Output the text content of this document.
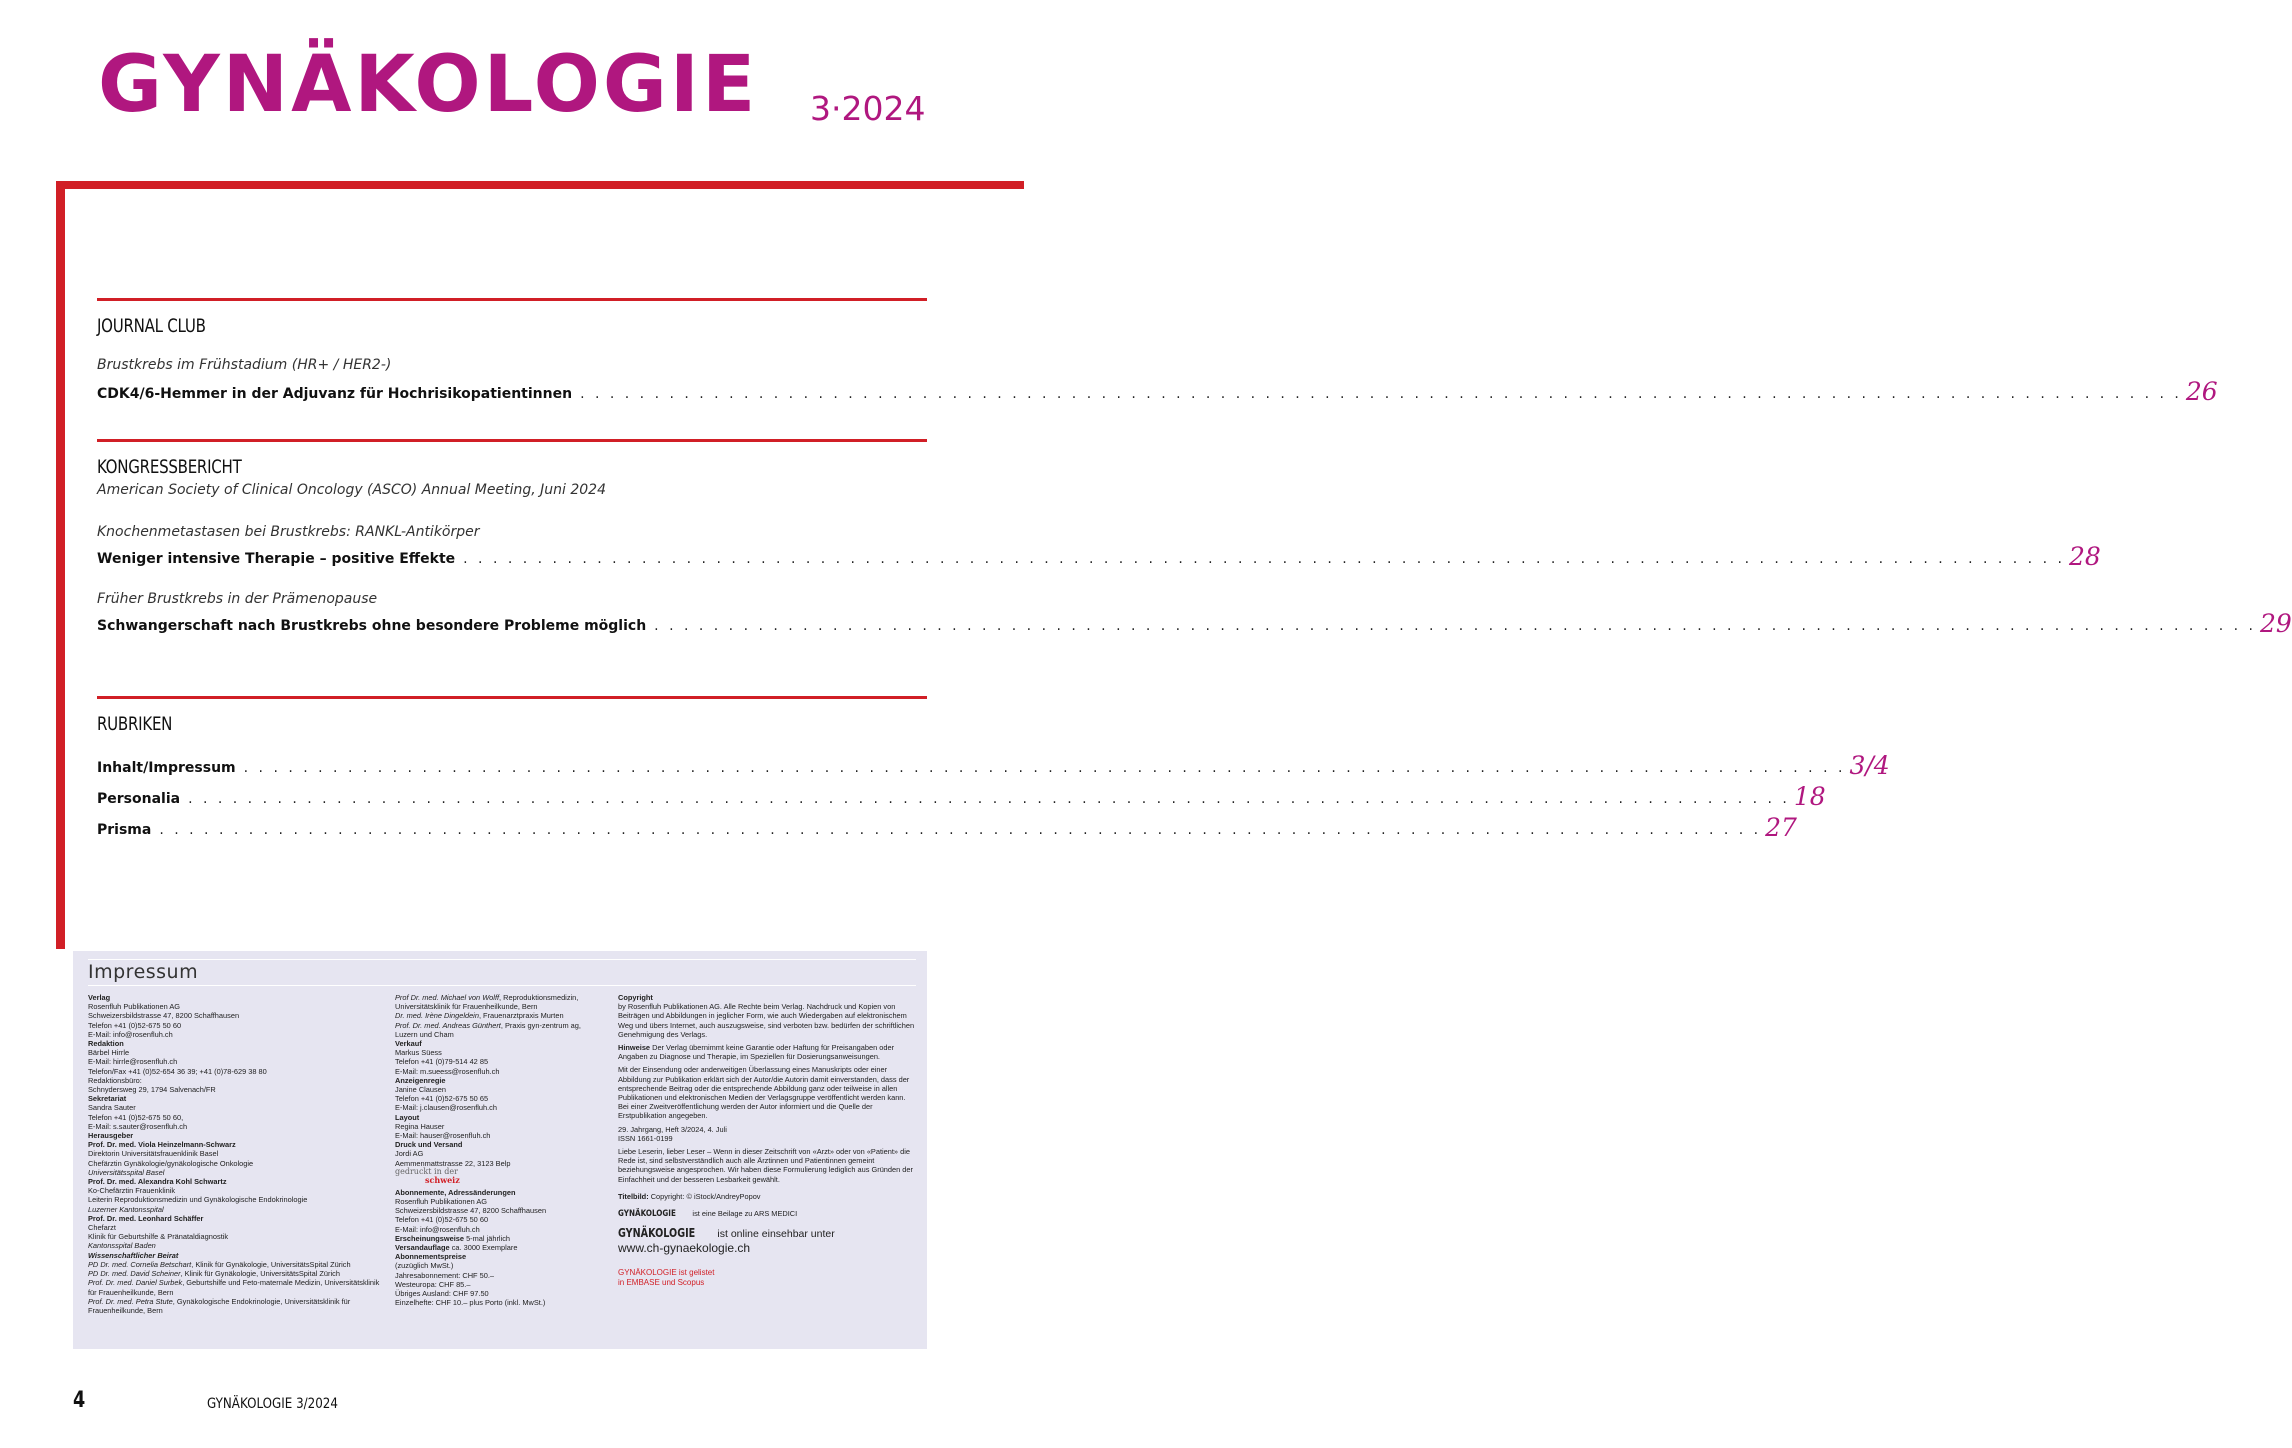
GYNÄKOLOGIE 3·2024
JOURNAL CLUB
Brustkrebs im Frühstadium (HR+ / HER2-)
CDK4/6-Hemmer in der Adjuvanz für Hochrisikopatientinnen . . . . . . . . . . . . . . . . . . . . . . . . . . . . . . . . . . . . . . . . . . . . . . . . . . . . . . . . . . . . . . . . . . . . . . . . . . . . . . . . . . . . . . . . . . . . . . . . . . . . . . . . . . . . 26
KONGRESSBERICHT
American Society of Clinical Oncology (ASCO) Annual Meeting, Juni 2024
Knochenmetastasen bei Brustkrebs: RANKL-Antikörper
Weniger intensive Therapie – positive Effekte . . . . . . . . . . . . . . . . . . . . . . . . . . . . . . . . . . . . . . . . . . . . . . . . . . . . . . . . . . . . . . . . . . . . . . . . . . . . . . . . . . . . . . . . . . . . . . . . . . . . . . . . . . . . 28
Früher Brustkrebs in der Prämenopause
Schwangerschaft nach Brustkrebs ohne besondere Probleme möglich . . . . . . . . . . . . . . . . . . . . . . . . . . . . . . . . . . . . . . . . . . . . . . . . . . . . . . . . . . . . . . . . . . . . . . . . . . . . . . . . . . . . . . . . . . . . . . . . . . . . . . . . . . . . 29
RUBRIKEN
Inhalt/Impressum . . . . . . . . . . . . . . . . . . . . . . . . . . . . . . . . . . . . . . . . . . . . . . . . . . . . . . . . . . . . . . . . . . . . . . . . . . . . . . . . . . . . . . . . . . . . . . . . . . . . . . . . . . . . 3/4
Personalia . . . . . . . . . . . . . . . . . . . . . . . . . . . . . . . . . . . . . . . . . . . . . . . . . . . . . . . . . . . . . . . . . . . . . . . . . . . . . . . . . . . . . . . . . . . . . . . . . . . . . . . . . . . . 18
Prisma . . . . . . . . . . . . . . . . . . . . . . . . . . . . . . . . . . . . . . . . . . . . . . . . . . . . . . . . . . . . . . . . . . . . . . . . . . . . . . . . . . . . . . . . . . . . . . . . . . . . . . . . . . . . 27
Impressum
Verlag
Rosenfluh Publikationen AG
Schweizersbildstrasse 47, 8200 Schaffhausen
Telefon +41 (0)52-675 50 60
E-Mail: info@rosenfluh.ch
Redaktion
Bärbel Hirrle
E-Mail: hirrle@rosenfluh.ch
Telefon/Fax +41 (0)52-654 36 39; +41 (0)78-629 38 80
Redaktionsbüro:
Schnydersweg 29, 1794 Salvenach/FR
Sekretariat
Sandra Sauter
Telefon +41 (0)52-675 50 60,
E-Mail: s.sauter@rosenfluh.ch
Herausgeber
Prof. Dr. med. Viola Heinzelmann-Schwarz
Direktorin Universitätsfrauenklinik Basel
Chefärztin Gynäkologie/gynäkologische Onkologie
Universitätsspital Basel
Prof. Dr. med. Alexandra Kohl Schwartz
Ko-Chefärztin Frauenklinik
Leiterin Reproduktionsmedizin und Gynäkologische Endokrinologie
Luzerner Kantonsspital
Prof. Dr. med. Leonhard Schäffer
Chefarzt
Klinik für Geburtshilfe & Pränataldiagnostik
Kantonsspital Baden
Wissenschaftlicher Beirat
PD Dr. med. Cornelia Betschart, Klinik für Gynäkologie, UniversitätsSpital Zürich
PD Dr. med. David Scheiner, Klinik für Gynäkologie, UniversitätsSpital Zürich
Prof. Dr. med. Daniel Surbek, Geburtshilfe und Feto-maternale Medizin, Universitätsklinik für Frauenheilkunde, Bern
Prof. Dr. med. Petra Stute, Gynäkologische Endokrinologie, Universitätsklinik für Frauenheilkunde, Bern
Prof Dr. med. Michael von Wolff, Reproduktionsmedizin, Universitätsklinik für Frauenheilkunde, Bern
Dr. med. Irène Dingeldein, Frauenarztpraxis Murten
Prof. Dr. med. Andreas Günthert, Praxis gyn-zentrum ag, Luzern und Cham
Verkauf
Markus Süess
Telefon +41 (0)79-514 42 85
E-Mail: m.sueess@rosenfluh.ch
Anzeigenregie
Janine Clausen
Telefon +41 (0)52-675 50 65
E-Mail: j.clausen@rosenfluh.ch
Layout
Regina Hauser
E-Mail: hauser@rosenfluh.ch
Druck und Versand
Jordi AG
Aemmenmattstrasse 22, 3123 Belp
gedruckt in der
schweiz
Abonnemente, Adressänderungen
Rosenfluh Publikationen AG
Schweizersbildstrasse 47, 8200 Schaffhausen
Telefon +41 (0)52-675 50 60
E-Mail: info@rosenfluh.ch
Erscheinungsweise 5-mal jährlich
Versandauflage ca. 3000 Exemplare
Abonnementspreise
(zuzüglich MwSt.)
Jahresabonnement: CHF 50.–
Westeuropa: CHF 85.–
Übriges Ausland: CHF 97.50
Einzelhefte: CHF 10.– plus Porto (inkl. MwSt.)
Copyright
by Rosenfluh Publikationen AG. Alle Rechte beim Verlag. Nachdruck und Kopien von Beiträgen und Abbildungen in jeglicher Form, wie auch Wiedergaben auf elektronischem Weg und übers Internet, auch auszugsweise, sind verboten bzw. bedürfen der schriftlichen Genehmigung des Verlags.
Hinweise Der Verlag übernimmt keine Garantie oder Haftung für Preisangaben oder Angaben zu Diagnose und Therapie, im Speziellen für Dosierungsanweisungen.
Mit der Einsendung oder anderweitigen Überlassung eines Manuskripts oder einer Abbildung zur Publikation erklärt sich der Autor/die Autorin damit einverstanden, dass der entsprechende Beitrag oder die entsprechende Abbildung ganz oder teilweise in allen Publikationen und elektronischen Medien der Verlagsgruppe veröffentlicht werden kann. Bei einer Zweitveröffentlichung werden der Autor informiert und die Quelle der Erstpublikation angegeben.
29. Jahrgang, Heft 3/2024, 4. Juli
ISSN 1661-0199
Liebe Leserin, lieber Leser – Wenn in dieser Zeitschrift von «Arzt» oder von «Patient» die Rede ist, sind selbstverständlich auch alle Ärztinnen und Patientinnen gemeint beziehungsweise angesprochen. Wir haben diese Formulierung lediglich aus Gründen der Einfachheit und der besseren Lesbarkeit gewählt.
Titelbild: Copyright: © iStock/AndreyPopov
GYNÄKOLOGIE ist eine Beilage zu ARS MEDICI
GYNÄKOLOGIE ist online einsehbar unter
www.ch-gynaekologie.ch
GYNÄKOLOGIE ist gelistet
in EMBASE und Scopus
4	GYNÄKOLOGIE 3/2024
